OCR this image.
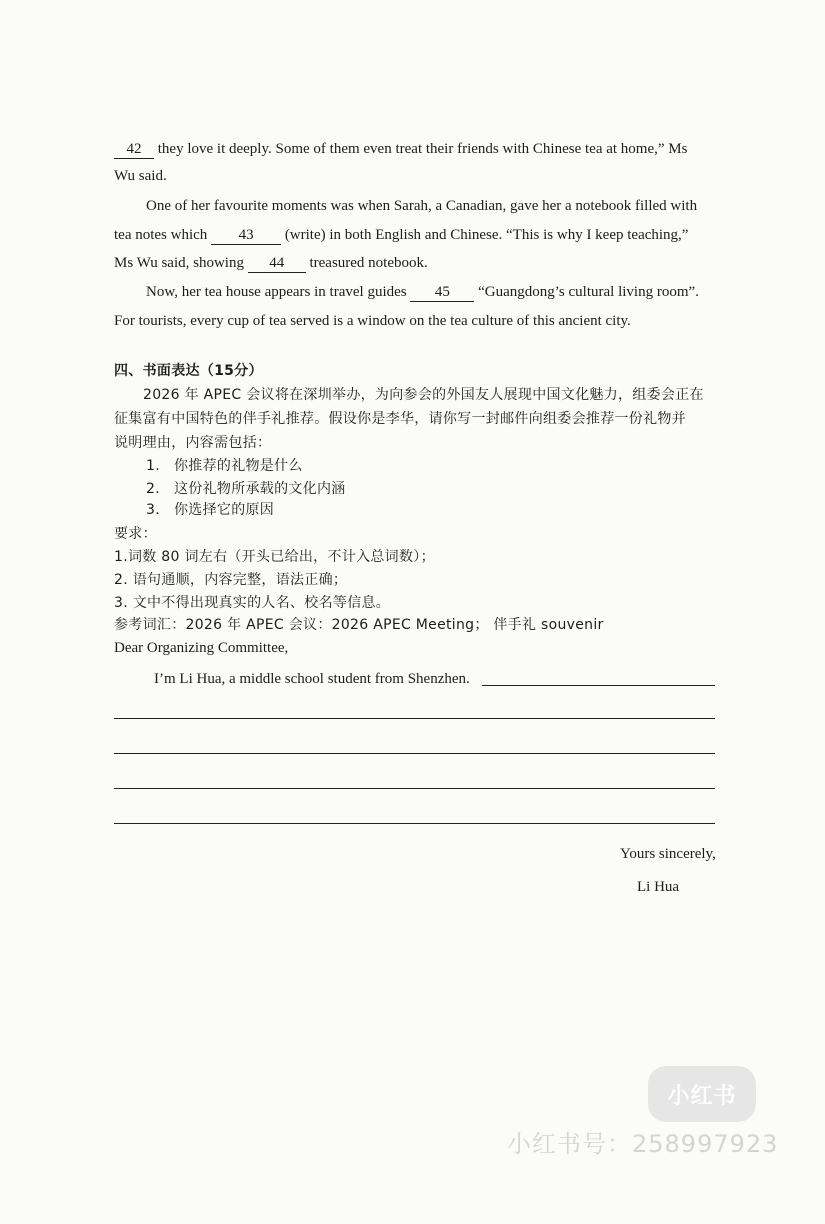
42 they love it deeply. Some of them even treat their friends with Chinese tea at home,” Ms
Wu said.
One of her favourite moments was when Sarah, a Canadian, gave her a notebook filled with
tea notes which 43 (write) in both English and Chinese. “This is why I keep teaching,”
Ms Wu said, showing 44 treasured notebook.
Now, her tea house appears in travel guides 45 “Guangdong’s cultural living room”.
For tourists, every cup of tea served is a window on the tea culture of this ancient city.
四、书面表达（15分）
2026 年 APEC 会议将在深圳举办，为向参会的外国友人展现中国文化魅力，组委会正在
征集富有中国特色的伴手礼推荐。假设你是李华，请你写一封邮件向组委会推荐一份礼物并
说明理由，内容需包括：
1. 你推荐的礼物是什么
2. 这份礼物所承载的文化内涵
3. 你选择它的原因
要求：
1.词数 80 词左右（开头已给出，不计入总词数）；
2. 语句通顺，内容完整，语法正确；
3. 文中不得出现真实的人名、校名等信息。
参考词汇：2026 年 APEC 会议：2026 APEC Meeting； 伴手礼 souvenir
Dear Organizing Committee,
I’m Li Hua, a middle school student from Shenzhen.
Yours sincerely,
Li Hua
小红书
小红书号：258997923
